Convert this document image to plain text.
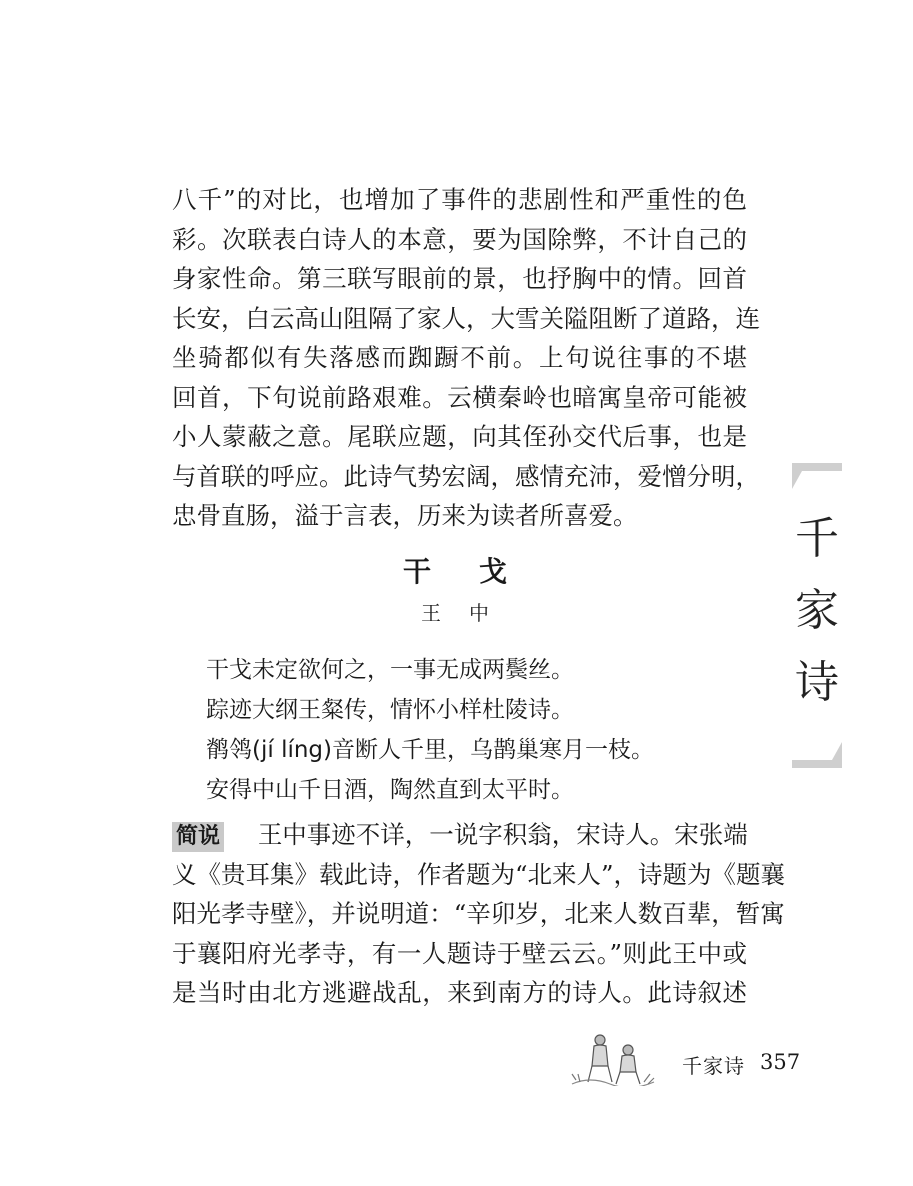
八千”的对比，也增加了事件的悲剧性和严重性的色
彩。次联表白诗人的本意，要为国除弊，不计自己的
身家性命。第三联写眼前的景，也抒胸中的情。回首
长安，白云高山阻隔了家人，大雪关隘阻断了道路，连
坐骑都似有失落感而踟蹰不前。上句说往事的不堪
回首，下句说前路艰难。云横秦岭也暗寓皇帝可能被
小人蒙蔽之意。尾联应题，向其侄孙交代后事，也是
与首联的呼应。此诗气势宏阔，感情充沛，爱憎分明，
忠骨直肠，溢于言表，历来为读者所喜爱。
干戈
王中
干戈未定欲何之，一事无成两鬓丝。
踪迹大纲王粲传，情怀小样杜陵诗。
鹡鸰(jí líng)音断人千里，乌鹊巢寒月一枝。
安得中山千日酒，陶然直到太平时。
简说 王中事迹不详，一说字积翁，宋诗人。宋张端
义《贵耳集》载此诗，作者题为“北来人”，诗题为《题襄
阳光孝寺壁》，并说明道：“辛卯岁，北来人数百辈，暂寓
于襄阳府光孝寺，有一人题诗于壁云云。”则此王中或
是当时由北方逃避战乱，来到南方的诗人。此诗叙述
千
家
诗
千家诗 357
